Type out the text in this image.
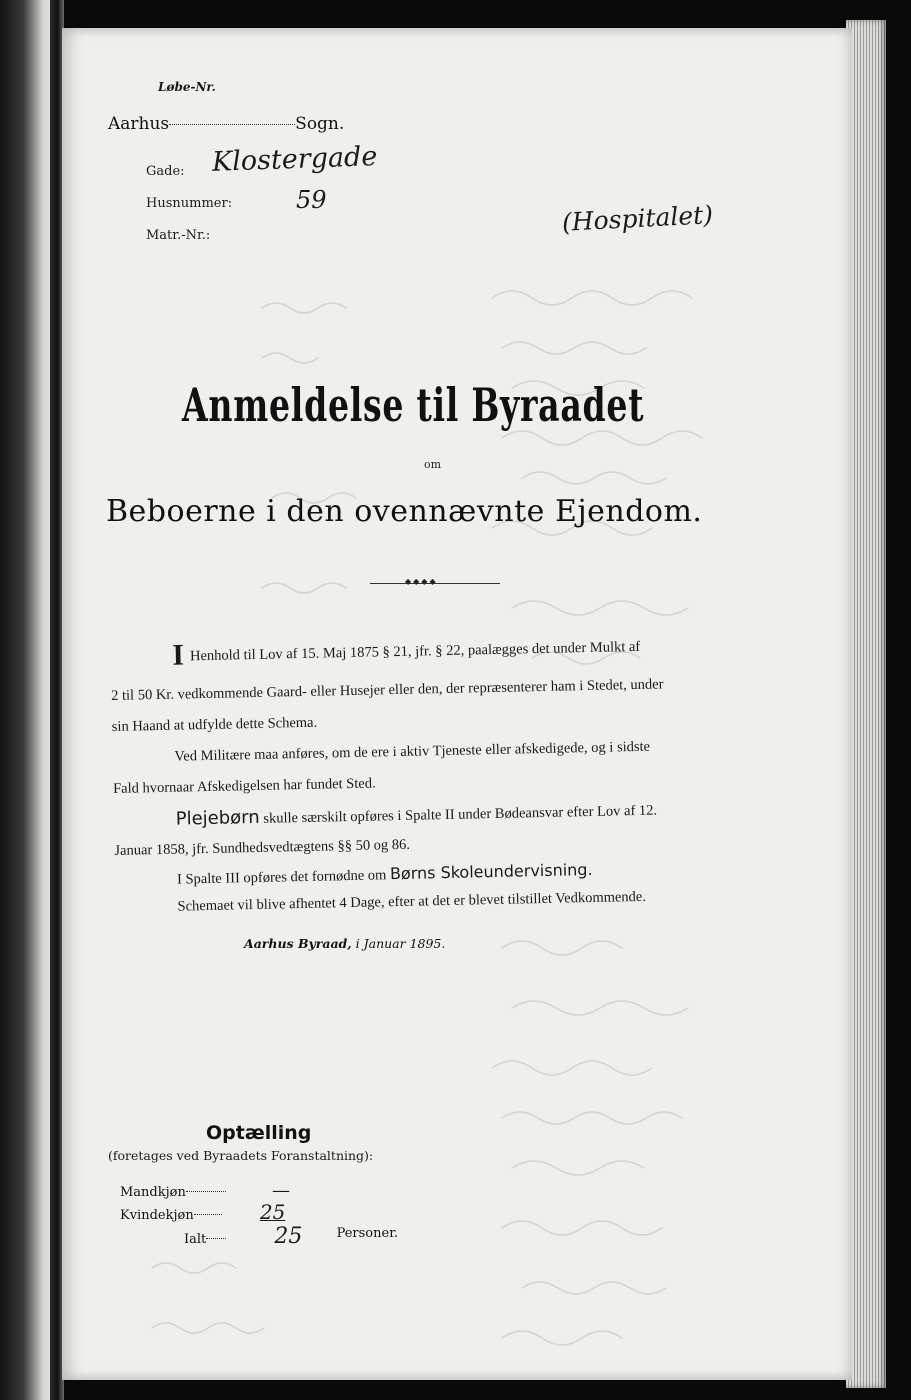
Løbe-Nr.

Aarhus	Sogn.

Gade: Klostergade

Husnummer:	59

Matr.-Nr.:	(Hospitalet)

Anmeldelse til Byraadet

om

Beboerne i den ovennævnte Ejendom.
◆◆◆◆
I Henhold til Lov af 15. Maj 1875 § 21, jfr. § 22, paalægges det under Mulkt af
2 til 50 Kr. vedkommende Gaard- eller Husejer eller den, der repræsenterer ham i Stedet, under
sin Haand at udfylde dette Schema.
Ved Militære maa anføres, om de ere i aktiv Tjeneste eller afskedigede, og i sidste
Fald hvornaar Afskedigelsen har fundet Sted.
Plejebørn skulle særskilt opføres i Spalte II under Bødeansvar efter Lov af 12.
Januar 1858, jfr. Sundhedsvedtægtens §§ 50 og 86.
I Spalte III opføres det fornødne om Børns Skoleundervisning.
Schemaet vil blive afhentet 4 Dage, efter at det er blevet tilstillet Vedkommende.
Aarhus Byraad, i Januar 1895.

Optælling

(foretages ved Byraadets Foranstaltning):

Mandkjøn	—
Kvindekjøn	25
Ialt	25	Personer.
